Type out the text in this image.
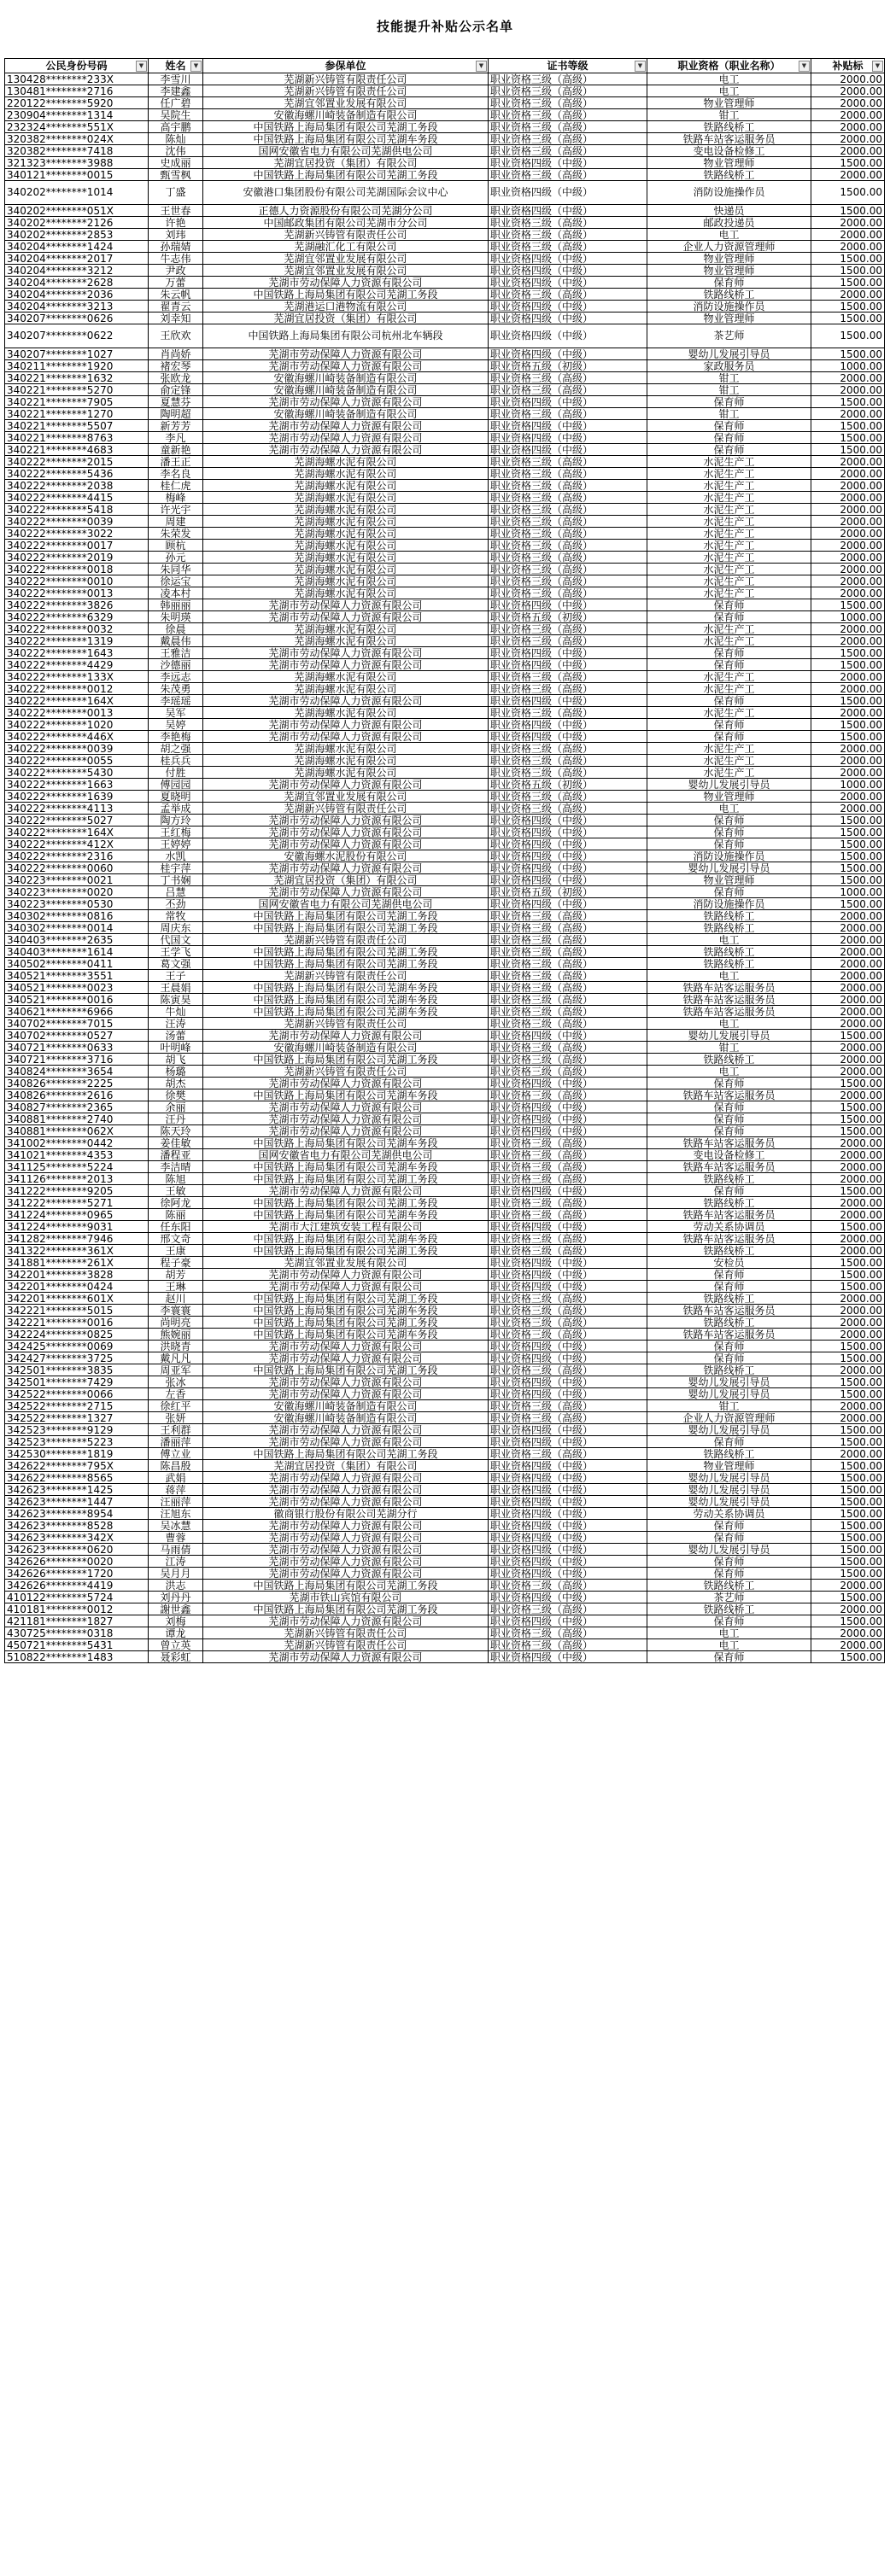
技能提升补贴公示名单
公民身份号码 ▼	姓名 ▼	参保单位 ▼	证书等级 ▼	职业资格（职业名称） ▼	补贴标 ▼

130428********233X	李雪川	芜湖新兴铸管有限责任公司	职业资格三级（高级）	电工	2000.00
130481********2716	李建鑫	芜湖新兴铸管有限责任公司	职业资格三级（高级）	电工	2000.00
220122********5920	任广碧	芜湖宜邻置业发展有限公司	职业资格三级（高级）	物业管理师	2000.00
230904********1314	吴院生	安徽海螺川崎装备制造有限公司	职业资格三级（高级）	钳工	2000.00
232324********551X	高宇鹏	中国铁路上海局集团有限公司芜湖工务段	职业资格三级（高级）	铁路线桥工	2000.00
320382********024X	陈灿	中国铁路上海局集团有限公司芜湖车务段	职业资格三级（高级）	铁路车站客运服务员	2000.00
320382********7418	沈伟	国网安徽省电力有限公司芜湖供电公司	职业资格三级（高级）	变电设备检修工	2000.00
321323********3988	史成丽	芜湖宜居投资（集团）有限公司	职业资格四级（中级）	物业管理师	1500.00
340121********0015	甄雪枫	中国铁路上海局集团有限公司芜湖工务段	职业资格三级（高级）	铁路线桥工	2000.00
340202********1014	丁盛	安徽港口集团股份有限公司芜湖国际会议中心	职业资格四级（中级）	消防设施操作员	1500.00
340202********051X	王世春	正德人力资源股份有限公司芜湖分公司	职业资格四级（中级）	快递员	1500.00
340202********2126	许艳	中国邮政集团有限公司芜湖市分公司	职业资格三级（高级）	邮政投递员	2000.00
340202********2853	刘玮	芜湖新兴铸管有限责任公司	职业资格三级（高级）	电工	2000.00
340204********1424	孙瑞婧	芜湖融汇化工有限公司	职业资格三级（高级）	企业人力资源管理师	2000.00
340204********2017	牛志伟	芜湖宜邻置业发展有限公司	职业资格四级（中级）	物业管理师	1500.00
340204********3212	尹政	芜湖宜邻置业发展有限公司	职业资格四级（中级）	物业管理师	1500.00
340204********2628	万蕾	芜湖市劳动保障人力资源有限公司	职业资格四级（中级）	保育师	1500.00
340204********2036	朱云帆	中国铁路上海局集团有限公司芜湖工务段	职业资格三级（高级）	铁路线桥工	2000.00
340204********3213	翟青云	芜湖港运口港物流有限公司	职业资格四级（中级）	消防设施操作员	1500.00
340207********0626	刘幸知	芜湖宜居投资（集团）有限公司	职业资格四级（中级）	物业管理师	1500.00
340207********0622	王欣欢	中国铁路上海局集团有限公司杭州北车辆段	职业资格四级（中级）	茶艺师	1500.00
340207********1027	肖尚娇	芜湖市劳动保障人力资源有限公司	职业资格四级（中级）	婴幼儿发展引导员	1500.00
340211********1920	褚宏琴	芜湖市劳动保障人力资源有限公司	职业资格五级（初级）	家政服务员	1000.00
340221********1632	张欧龙	安徽海螺川崎装备制造有限公司	职业资格三级（高级）	钳工	2000.00
340221********5270	俞定锋	安徽海螺川崎装备制造有限公司	职业资格三级（高级）	钳工	2000.00
340221********7905	夏慧芬	芜湖市劳动保障人力资源有限公司	职业资格四级（中级）	保育师	1500.00
340221********1270	陶明超	安徽海螺川崎装备制造有限公司	职业资格三级（高级）	钳工	2000.00
340221********5507	新芳芳	芜湖市劳动保障人力资源有限公司	职业资格四级（中级）	保育师	1500.00
340221********8763	李凡	芜湖市劳动保障人力资源有限公司	职业资格四级（中级）	保育师	1500.00
340221********4683	童新艳	芜湖市劳动保障人力资源有限公司	职业资格四级（中级）	保育师	1500.00
340222********2015	潘王正	芜湖海螺水泥有限公司	职业资格三级（高级）	水泥生产工	2000.00
340222********5436	李名良	芜湖海螺水泥有限公司	职业资格三级（高级）	水泥生产工	2000.00
340222********2038	桂仁虎	芜湖海螺水泥有限公司	职业资格三级（高级）	水泥生产工	2000.00
340222********4415	梅峰	芜湖海螺水泥有限公司	职业资格三级（高级）	水泥生产工	2000.00
340222********5418	许光宇	芜湖海螺水泥有限公司	职业资格三级（高级）	水泥生产工	2000.00
340222********0039	周建	芜湖海螺水泥有限公司	职业资格三级（高级）	水泥生产工	2000.00
340222********3022	朱荣发	芜湖海螺水泥有限公司	职业资格三级（高级）	水泥生产工	2000.00
340222********0017	顾杭	芜湖海螺水泥有限公司	职业资格三级（高级）	水泥生产工	2000.00
340222********2019	孙元	芜湖海螺水泥有限公司	职业资格三级（高级）	水泥生产工	2000.00
340222********0018	朱同华	芜湖海螺水泥有限公司	职业资格三级（高级）	水泥生产工	2000.00
340222********0010	徐运宝	芜湖海螺水泥有限公司	职业资格三级（高级）	水泥生产工	2000.00
340222********0013	凌本村	芜湖海螺水泥有限公司	职业资格三级（高级）	水泥生产工	2000.00
340222********3826	韩丽丽	芜湖市劳动保障人力资源有限公司	职业资格四级（中级）	保育师	1500.00
340222********6329	朱明瑛	芜湖市劳动保障人力资源有限公司	职业资格五级（初级）	保育师	1000.00
340222********0032	徐晨	芜湖海螺水泥有限公司	职业资格三级（高级）	水泥生产工	2000.00
340222********1319	戴晨伟	芜湖海螺水泥有限公司	职业资格三级（高级）	水泥生产工	2000.00
340222********1643	王雅洁	芜湖市劳动保障人力资源有限公司	职业资格四级（中级）	保育师	1500.00
340222********4429	沙德丽	芜湖市劳动保障人力资源有限公司	职业资格四级（中级）	保育师	1500.00
340222********133X	李远志	芜湖海螺水泥有限公司	职业资格三级（高级）	水泥生产工	2000.00
340222********0012	朱茂勇	芜湖海螺水泥有限公司	职业资格三级（高级）	水泥生产工	2000.00
340222********164X	李瑶瑶	芜湖市劳动保障人力资源有限公司	职业资格四级（中级）	保育师	1500.00
340222********0013	吴军	芜湖海螺水泥有限公司	职业资格三级（高级）	水泥生产工	2000.00
340222********1020	吴婷	芜湖市劳动保障人力资源有限公司	职业资格四级（中级）	保育师	1500.00
340222********446X	李艳梅	芜湖市劳动保障人力资源有限公司	职业资格四级（中级）	保育师	1500.00
340222********0039	胡之强	芜湖海螺水泥有限公司	职业资格三级（高级）	水泥生产工	2000.00
340222********0055	桂兵兵	芜湖海螺水泥有限公司	职业资格三级（高级）	水泥生产工	2000.00
340222********5430	付胜	芜湖海螺水泥有限公司	职业资格三级（高级）	水泥生产工	2000.00
340222********1663	傅园园	芜湖市劳动保障人力资源有限公司	职业资格五级（初级）	婴幼儿发展引导员	1000.00
340222********1639	夏晓明	芜湖宜邻置业发展有限公司	职业资格三级（高级）	物业管理师	2000.00
340222********4113	孟举成	芜湖新兴铸管有限责任公司	职业资格三级（高级）	电工	2000.00
340222********5027	陶方玲	芜湖市劳动保障人力资源有限公司	职业资格四级（中级）	保育师	1500.00
340222********164X	王红梅	芜湖市劳动保障人力资源有限公司	职业资格四级（中级）	保育师	1500.00
340222********412X	王婷婷	芜湖市劳动保障人力资源有限公司	职业资格四级（中级）	保育师	1500.00
340222********2316	水凯	安徽海螺水泥股份有限公司	职业资格四级（中级）	消防设施操作员	1500.00
340222********0060	桂宇萍	芜湖市劳动保障人力资源有限公司	职业资格四级（中级）	婴幼儿发展引导员	1500.00
340223********0021	丁书娴	芜湖宜居投资（集团）有限公司	职业资格四级（中级）	物业管理师	1500.00
340223********0020	吕慧	芜湖市劳动保障人力资源有限公司	职业资格五级（初级）	保育师	1000.00
340223********0530	丕劲	国网安徽省电力有限公司芜湖供电公司	职业资格四级（中级）	消防设施操作员	1500.00
340302********0816	常牧	中国铁路上海局集团有限公司芜湖工务段	职业资格三级（高级）	铁路线桥工	2000.00
340302********0014	周庆东	中国铁路上海局集团有限公司芜湖工务段	职业资格三级（高级）	铁路线桥工	2000.00
340403********2635	代国文	芜湖新兴铸管有限责任公司	职业资格三级（高级）	电工	2000.00
340403********1614	王学飞	中国铁路上海局集团有限公司芜湖工务段	职业资格三级（高级）	铁路线桥工	2000.00
340502********0411	葛文强	中国铁路上海局集团有限公司芜湖工务段	职业资格三级（高级）	铁路线桥工	2000.00
340521********3551	王子	芜湖新兴铸管有限责任公司	职业资格三级（高级）	电工	2000.00
340521********0023	王晨娟	中国铁路上海局集团有限公司芜湖车务段	职业资格三级（高级）	铁路车站客运服务员	2000.00
340521********0016	陈寅昊	中国铁路上海局集团有限公司芜湖车务段	职业资格三级（高级）	铁路车站客运服务员	2000.00
340621********6966	牛灿	中国铁路上海局集团有限公司芜湖车务段	职业资格三级（高级）	铁路车站客运服务员	2000.00
340702********7015	汪涛	芜湖新兴铸管有限责任公司	职业资格三级（高级）	电工	2000.00
340702********0527	汤蕾	芜湖市劳动保障人力资源有限公司	职业资格四级（中级）	婴幼儿发展引导员	1500.00
340721********0633	叶明峰	安徽海螺川崎装备制造有限公司	职业资格三级（高级）	钳工	2000.00
340721********3716	胡飞	中国铁路上海局集团有限公司芜湖工务段	职业资格三级（高级）	铁路线桥工	2000.00
340824********3654	杨璐	芜湖新兴铸管有限责任公司	职业资格三级（高级）	电工	2000.00
340826********2225	胡杰	芜湖市劳动保障人力资源有限公司	职业资格四级（中级）	保育师	1500.00
340826********2616	徐樊	中国铁路上海局集团有限公司芜湖车务段	职业资格三级（高级）	铁路车站客运服务员	2000.00
340827********2365	余丽	芜湖市劳动保障人力资源有限公司	职业资格四级（中级）	保育师	1500.00
340881********2740	汪丹	芜湖市劳动保障人力资源有限公司	职业资格四级（中级）	保育师	1500.00
340881********062X	陈天玲	芜湖市劳动保障人力资源有限公司	职业资格四级（中级）	保育师	1500.00
341002********0442	姜佳敏	中国铁路上海局集团有限公司芜湖车务段	职业资格三级（高级）	铁路车站客运服务员	2000.00
341021********4353	潘程亚	国网安徽省电力有限公司芜湖供电公司	职业资格三级（高级）	变电设备检修工	2000.00
341125********5224	李洁晴	中国铁路上海局集团有限公司芜湖车务段	职业资格三级（高级）	铁路车站客运服务员	2000.00
341126********2013	陈旭	中国铁路上海局集团有限公司芜湖工务段	职业资格三级（高级）	铁路线桥工	2000.00
341222********9205	王敏	芜湖市劳动保障人力资源有限公司	职业资格四级（中级）	保育师	1500.00
341222********5271	徐阿龙	中国铁路上海局集团有限公司芜湖工务段	职业资格三级（高级）	铁路线桥工	2000.00
341224********0965	陈丽	中国铁路上海局集团有限公司芜湖车务段	职业资格三级（高级）	铁路车站客运服务员	2000.00
341224********9031	任东阳	芜湖市大江建筑安装工程有限公司	职业资格四级（中级）	劳动关系协调员	1500.00
341282********7946	邢文奇	中国铁路上海局集团有限公司芜湖车务段	职业资格三级（高级）	铁路车站客运服务员	2000.00
341322********361X	王康	中国铁路上海局集团有限公司芜湖工务段	职业资格三级（高级）	铁路线桥工	2000.00
341881********261X	程子豪	芜湖宜邻置业发展有限公司	职业资格四级（中级）	安检员	1500.00
342201********3828	胡芳	芜湖市劳动保障人力资源有限公司	职业资格四级（中级）	保育师	1500.00
342201********0424	王琳	芜湖市劳动保障人力资源有限公司	职业资格四级（中级）	保育师	1500.00
342201********601X	赵川	中国铁路上海局集团有限公司芜湖工务段	职业资格三级（高级）	铁路线桥工	2000.00
342221********5015	李寰寰	中国铁路上海局集团有限公司芜湖车务段	职业资格三级（高级）	铁路车站客运服务员	2000.00
342221********0016	尚明亮	中国铁路上海局集团有限公司芜湖工务段	职业资格三级（高级）	铁路线桥工	2000.00
342224********0825	熊婉丽	中国铁路上海局集团有限公司芜湖车务段	职业资格三级（高级）	铁路车站客运服务员	2000.00
342425********0069	洪晓青	芜湖市劳动保障人力资源有限公司	职业资格四级（中级）	保育师	1500.00
342427********3725	戴凡凡	芜湖市劳动保障人力资源有限公司	职业资格四级（中级）	保育师	1500.00
342501********3835	周亚军	中国铁路上海局集团有限公司芜湖工务段	职业资格三级（高级）	铁路线桥工	2000.00
342501********7429	张冰	芜湖市劳动保障人力资源有限公司	职业资格四级（中级）	婴幼儿发展引导员	1500.00
342522********0066	左香	芜湖市劳动保障人力资源有限公司	职业资格四级（中级）	婴幼儿发展引导员	1500.00
342522********2715	徐红平	安徽海螺川崎装备制造有限公司	职业资格三级（高级）	钳工	2000.00
342522********1327	张妍	安徽海螺川崎装备制造有限公司	职业资格三级（高级）	企业人力资源管理师	2000.00
342523********9129	王利群	芜湖市劳动保障人力资源有限公司	职业资格四级（中级）	婴幼儿发展引导员	1500.00
342523********5223	潘丽萍	芜湖市劳动保障人力资源有限公司	职业资格四级（中级）	保育师	1500.00
342530********1819	傅立业	中国铁路上海局集团有限公司芜湖工务段	职业资格三级（高级）	铁路线桥工	2000.00
342622********795X	陈昌殷	芜湖宜居投资（集团）有限公司	职业资格四级（中级）	物业管理师	1500.00
342622********8565	武娟	芜湖市劳动保障人力资源有限公司	职业资格四级（中级）	婴幼儿发展引导员	1500.00
342623********1425	蒋萍	芜湖市劳动保障人力资源有限公司	职业资格四级（中级）	婴幼儿发展引导员	1500.00
342623********1447	汪丽萍	芜湖市劳动保障人力资源有限公司	职业资格四级（中级）	婴幼儿发展引导员	1500.00
342623********8954	汪旭东	徽商银行股份有限公司芜湖分行	职业资格四级（中级）	劳动关系协调员	1500.00
342623********8528	吴冰慧	芜湖市劳动保障人力资源有限公司	职业资格四级（中级）	保育师	1500.00
342623********342X	曹蓉	芜湖市劳动保障人力资源有限公司	职业资格四级（中级）	保育师	1500.00
342623********0620	马雨倩	芜湖市劳动保障人力资源有限公司	职业资格四级（中级）	婴幼儿发展引导员	1500.00
342626********0020	江涛	芜湖市劳动保障人力资源有限公司	职业资格四级（中级）	保育师	1500.00
342626********1720	吴月月	芜湖市劳动保障人力资源有限公司	职业资格四级（中级）	保育师	1500.00
342626********4419	洪志	中国铁路上海局集团有限公司芜湖工务段	职业资格三级（高级）	铁路线桥工	2000.00
410122********5724	刘丹丹	芜湖市铁山宾馆有限公司	职业资格四级（中级）	茶艺师	1500.00
410181********0012	謝世鑫	中国铁路上海局集团有限公司芜湖工务段	职业资格三级（高级）	铁路线桥工	2000.00
421181********1827	刘梅	芜湖市劳动保障人力资源有限公司	职业资格四级（中级）	保育师	1500.00
430725********0318	谭龙	芜湖新兴铸管有限责任公司	职业资格三级（高级）	电工	2000.00
450721********5431	曾立英	芜湖新兴铸管有限责任公司	职业资格三级（高级）	电工	2000.00
510822********1483	聂彩虹	芜湖市劳动保障人力资源有限公司	职业资格四级（中级）	保育师	1500.00
